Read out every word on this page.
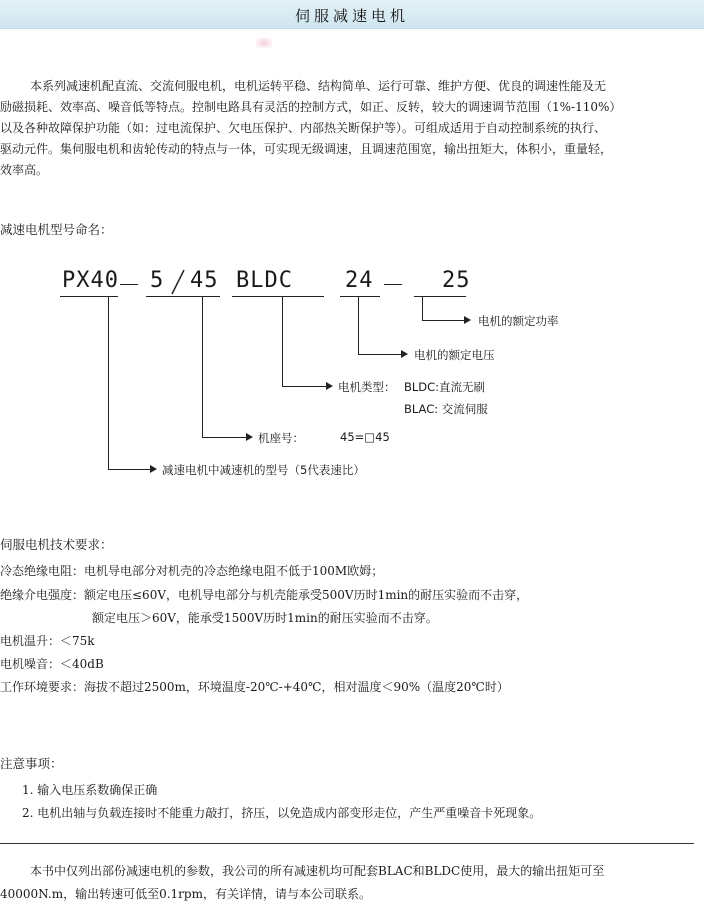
伺服减速电机
本系列减速机配直流、交流伺服电机，电机运转平稳、结构简单、运行可靠、维护方便、优良的调速性能及无
励磁损耗、效率高、噪音低等特点。控制电路具有灵活的控制方式，如正、反转，较大的调速调节范围（1%-110%）
以及各种故障保护功能（如：过电流保护、欠电压保护、内部热关断保护等）。可组成适用于自动控制系统的执行、
驱动元件。集伺服电机和齿轮传动的特点与一体，可实现无级调速，且调速范围宽，输出扭矩大，体积小，重量轻，
效率高。
减速电机型号命名：
PX40 5 45 BLDC 24	25
电机的额定功率
电机的额定电压
电机类型： BLDC:直流无刷
BLAC: 交流伺服
机座号：	45=□45
减速电机中减速机的型号（5代表速比）
伺服电机技术要求：
冷态绝缘电阻：电机导电部分对机壳的冷态绝缘电阻不低于100M欧姆；
绝缘介电强度：额定电压≤60V，电机导电部分与机壳能承受500V历时1min的耐压实验而不击穿，
额定电压＞60V，能承受1500V历时1min的耐压实验而不击穿。
电机温升：＜75k
电机噪音：＜40dB
工作环境要求：海拔不超过2500m，环境温度-20℃-+40℃，相对温度＜90%（温度20℃时）
注意事项：
1. 输入电压系数确保正确
2. 电机出轴与负载连接时不能重力敲打，挤压，以免造成内部变形走位，产生严重噪音卡死现象。
本书中仅列出部份减速电机的参数，我公司的所有减速机均可配套BLAC和BLDC使用，最大的输出扭矩可至
40000N.m，输出转速可低至0.1rpm，有关详情，请与本公司联系。
